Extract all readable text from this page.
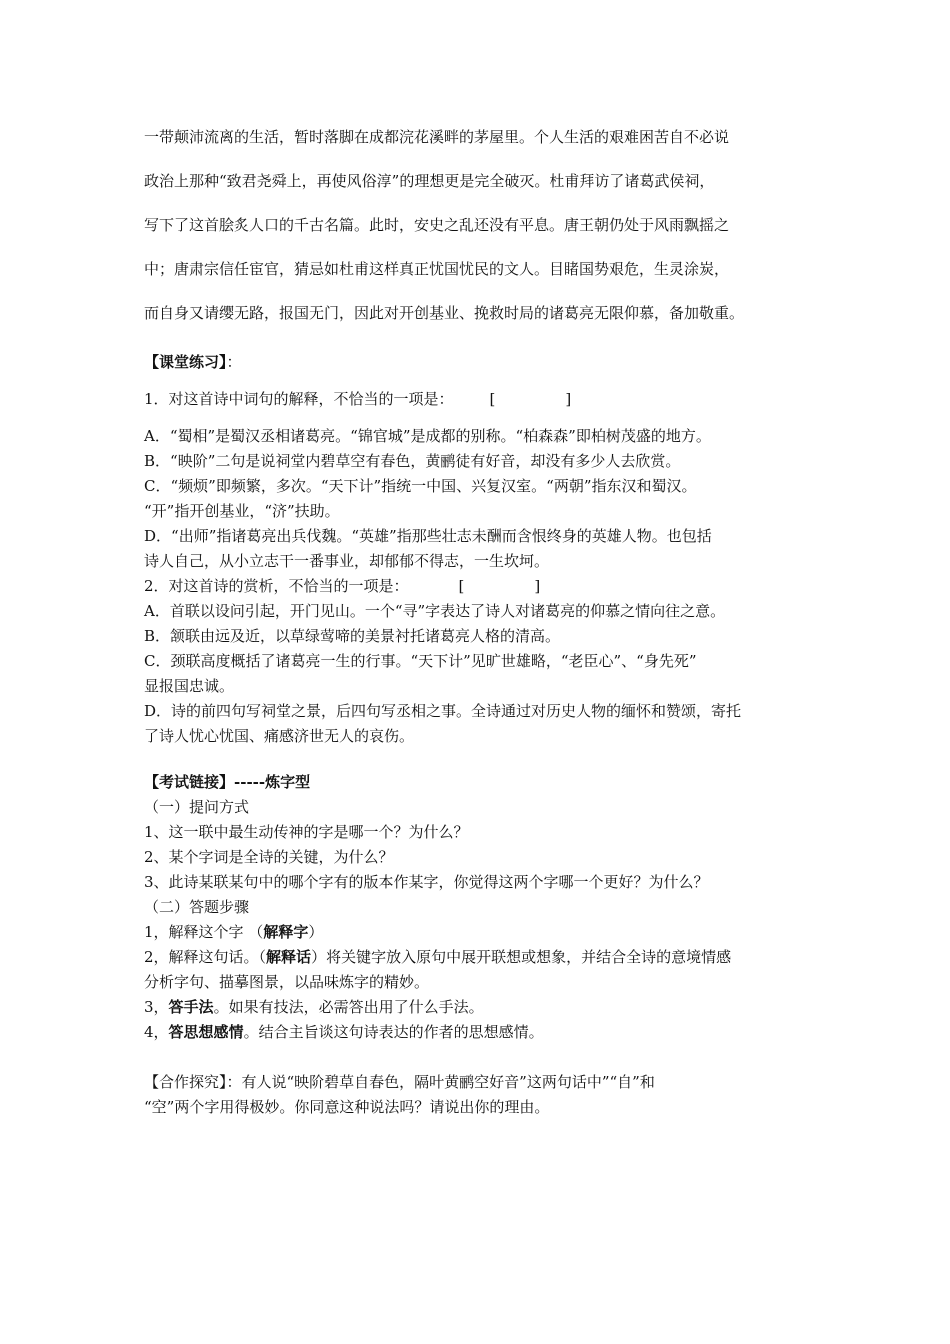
一带颠沛流离的生活，暂时落脚在成都浣花溪畔的茅屋里。个人生活的艰难困苦自不必说

政治上那种“致君尧舜上，再使风俗淳”的理想更是完全破灭。杜甫拜访了诸葛武侯祠，

写下了这首脍炙人口的千古名篇。此时，安史之乱还没有平息。唐王朝仍处于风雨飘摇之

中；唐肃宗信任宦官，猜忌如杜甫这样真正忧国忧民的文人。目睹国势艰危，生灵涂炭，

而自身又请缨无路，报国无门，因此对开创基业、挽救时局的诸葛亮无限仰慕，备加敬重。

【课堂练习】：

1．对这首诗中词句的解释，不恰当的一项是： [	]

A．“蜀相”是蜀汉丞相诸葛亮。“锦官城”是成都的别称。“柏森森”即柏树茂盛的地方。

B．“映阶”二句是说祠堂内碧草空有春色，黄鹂徒有好音，却没有多少人去欣赏。

C．“频烦”即频繁，多次。“天下计”指统一中国、兴复汉室。“两朝”指东汉和蜀汉。

“开”指开创基业，“济”扶助。

D．“出师”指诸葛亮出兵伐魏。“英雄”指那些壮志未酬而含恨终身的英雄人物。也包括

诗人自己，从小立志干一番事业，却郁郁不得志，一生坎坷。

2．对这首诗的赏析，不恰当的一项是：	[	]

A．首联以设问引起，开门见山。一个“寻”字表达了诗人对诸葛亮的仰慕之情向往之意。

B．颔联由远及近，以草绿莺啼的美景衬托诸葛亮人格的清高。

C．颈联高度概括了诸葛亮一生的行事。“天下计”见旷世雄略，“老臣心”、“身先死”

显报国忠诚。

D．诗的前四句写祠堂之景，后四句写丞相之事。全诗通过对历史人物的缅怀和赞颂，寄托

了诗人忧心忧国、痛感济世无人的哀伤。

【考试链接】-----炼字型

（一）提问方式

1、这一联中最生动传神的字是哪一个？为什么？

2、某个字词是全诗的关键，为什么？

3、此诗某联某句中的哪个字有的版本作某字，你觉得这两个字哪一个更好？为什么？

（二）答题步骤

1，解释这个字 （解释字）

2，解释这句话。（解释话）将关键字放入原句中展开联想或想象，并结合全诗的意境情感

分析字句、描摹图景，以品味炼字的精妙。

3，答手法。如果有技法，必需答出用了什么手法。

4，答思想感情。结合主旨谈这句诗表达的作者的思想感情。

【合作探究】：有人说“映阶碧草自春色，隔叶黄鹂空好音”这两句话中”“自”和

“空”两个字用得极妙。你同意这种说法吗？请说出你的理由。
